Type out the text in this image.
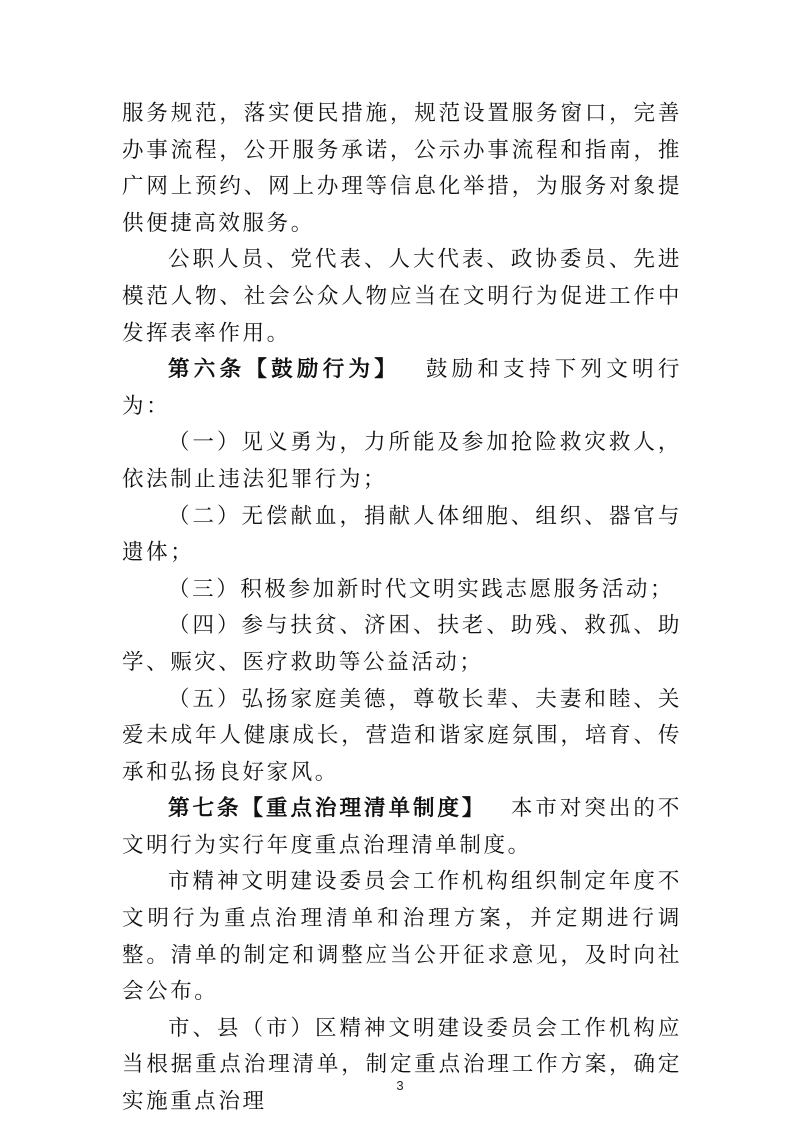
服务规范，落实便民措施，规范设置服务窗口，完善办事流程，公开服务承诺，公示办事流程和指南，推广网上预约、网上办理等信息化举措，为服务对象提供便捷高效服务。

公职人员、党代表、人大代表、政协委员、先进模范人物、社会公众人物应当在文明行为促进工作中发挥表率作用。

第六条【鼓励行为】  鼓励和支持下列文明行为：

（一）见义勇为，力所能及参加抢险救灾救人，依法制止违法犯罪行为；

（二）无偿献血，捐献人体细胞、组织、器官与遗体；

（三）积极参加新时代文明实践志愿服务活动；

（四）参与扶贫、济困、扶老、助残、救孤、助学、赈灾、医疗救助等公益活动；

（五）弘扬家庭美德，尊敬长辈、夫妻和睦、关爱未成年人健康成长，营造和谐家庭氛围，培育、传承和弘扬良好家风。

第七条【重点治理清单制度】  本市对突出的不文明行为实行年度重点治理清单制度。

市精神文明建设委员会工作机构组织制定年度不文明行为重点治理清单和治理方案，并定期进行调整。清单的制定和调整应当公开征求意见，及时向社会公布。

市、县（市）区精神文明建设委员会工作机构应当根据重点治理清单，制定重点治理工作方案，确定实施重点治理

3
